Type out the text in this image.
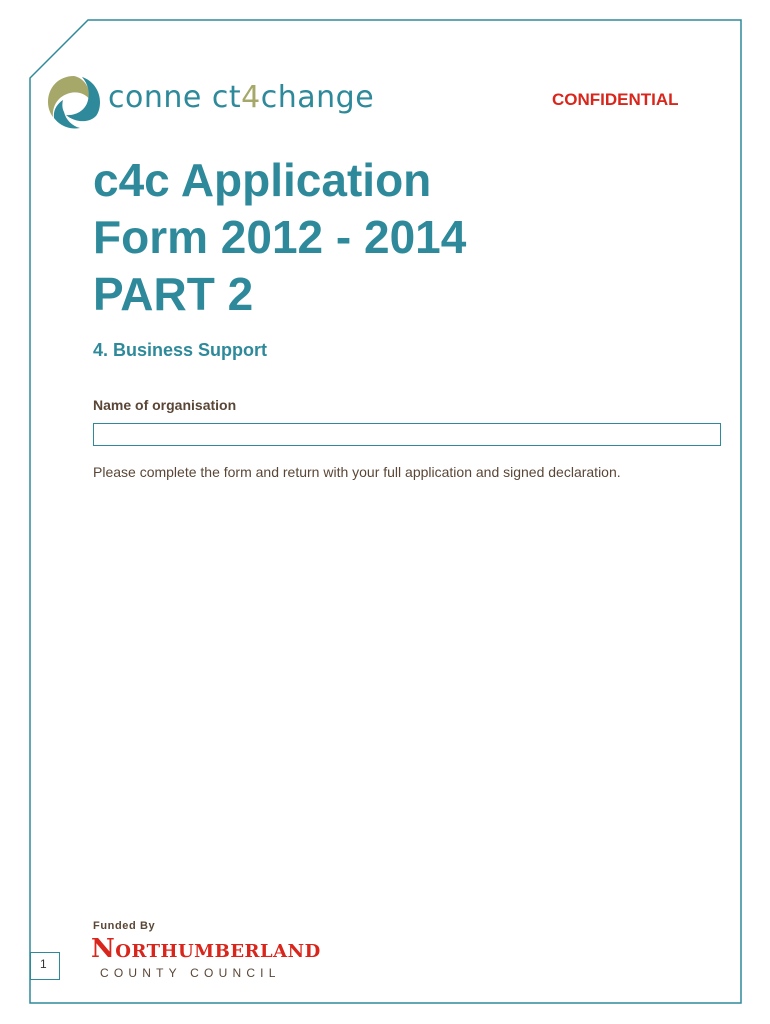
conne ct4change	CONFIDENTIAL
c4c Application
Form 2012 - 2014
PART 2
4. Business Support
Name of organisation
Please complete the form and return with your full application and signed declaration.
Funded By
Northumberland
COUNTY COUNCIL
1
